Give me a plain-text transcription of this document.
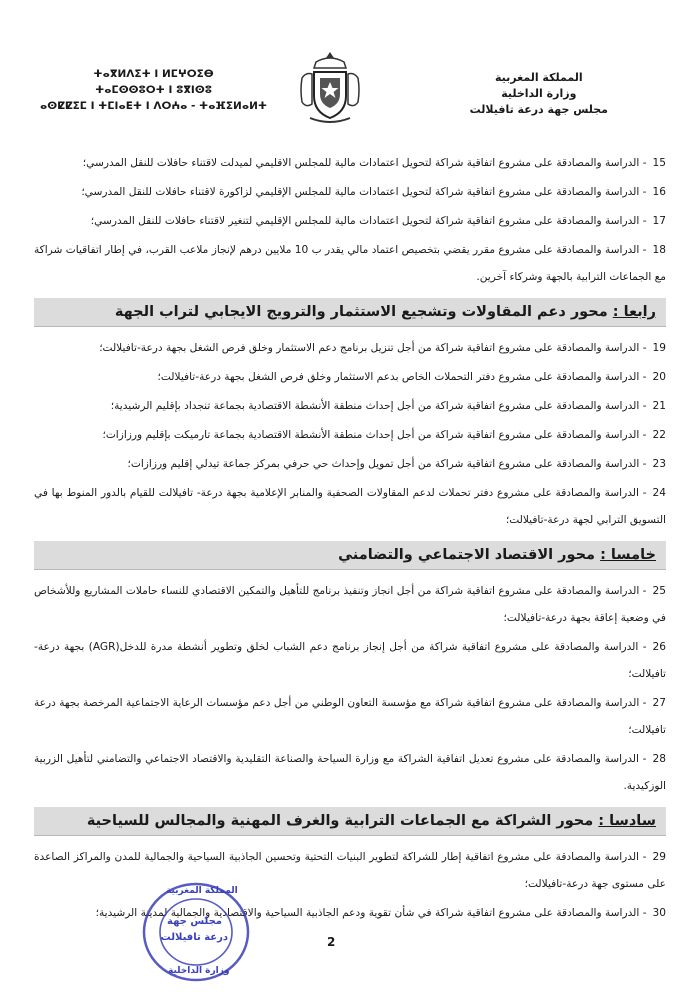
المملكة المغربية
وزارة الداخلية
مجلس جهة درعة تافيلالت
ⵜⴰⴳⵍⴷⵉⵜ ⵏ ⵍⵎⵖⵔⵉⴱ
ⵜⴰⵎⵙⵙⵓⵔⵜ ⵏ ⵓⴳⵏⵙⵓ
ⴰⵙⵇⵇⵉⵎ ⵏ ⵜⵎⵏⴰⴹⵜ ⵏ ⴷⵔⵄⴰ - ⵜⴰⴼⵉⵍⴰⵍⵜ
15- الدراسة والمصادقة على مشروع اتفاقية شراكة لتحويل اعتمادات مالية للمجلس الاقليمي لميدلت لاقتناء حافلات للنقل المدرسي؛
16- الدراسة والمصادقة على مشروع اتفاقية شراكة لتحويل اعتمادات مالية للمجلس الإقليمي لزاكورة لاقتناء حافلات للنقل المدرسي؛
17- الدراسة والمصادقة على مشروع اتفاقية شراكة لتحويل اعتمادات مالية للمجلس الإقليمي لتنغير لاقتناء حافلات للنقل المدرسي؛
18- الدراسة والمصادقة على مشروع مقرر يقضي بتخصيص اعتماد مالي يقدر ب 10 ملايين درهم لإنجاز ملاعب القرب، في إطار اتفاقيات شراكة مع الجماعات الترابية بالجهة وشركاء آخرين.
رابعا : محور دعم المقاولات وتشجيع الاستثمار والترويج الايجابي لتراب الجهة
19- الدراسة والمصادقة على مشروع اتفاقية شراكة من أجل تنزيل برنامج دعم الاستثمار وخلق فرص الشغل بجهة درعة-تافيلالت؛
20- الدراسة والمصادقة على مشروع دفتر التحملات الخاص بدعم الاستثمار وخلق فرص الشغل بجهة درعة-تافيلالت؛
21- الدراسة والمصادقة على مشروع اتفاقية شراكة من أجل إحداث منطقة الأنشطة الاقتصادية بجماعة تنجداد بإقليم الرشيدية؛
22- الدراسة والمصادقة على مشروع اتفاقية شراكة من أجل إحداث منطقة الأنشطة الاقتصادية بجماعة تارميكت بإقليم ورزازات؛
23- الدراسة والمصادقة على مشروع اتفاقية شراكة من أجل تمويل وإحداث حي حرفي بمركز جماعة تيدلي إقليم ورزازات؛
24- الدراسة والمصادقة على مشروع دفتر تحملات لدعم المقاولات الصحفية والمنابر الإعلامية بجهة درعة- تافيلالت للقيام بالدور المنوط بها في التسويق الترابي لجهة درعة-تافيلالت؛
خامسا : محور الاقتصاد الاجتماعي والتضامني
25- الدراسة والمصادقة على مشروع اتفاقية شراكة من أجل انجاز وتنفيذ برنامج للتأهيل والتمكين الاقتصادي للنساء حاملات المشاريع وللأشخاص في وضعية إعاقة بجهة درعة-تافيلالت؛
26- الدراسة والمصادقة على مشروع اتفاقية شراكة من أجل إنجاز برنامج دعم الشباب لخلق وتطوير أنشطة مدرة للدخل(AGR) بجهة درعة-تافيلالت؛
27- الدراسة والمصادقة على مشروع اتفاقية شراكة مع مؤسسة التعاون الوطني من أجل دعم مؤسسات الرعاية الاجتماعية المرخصة بجهة درعة تافيلالت؛
28- الدراسة والمصادقة على مشروع تعديل اتفاقية الشراكة مع وزارة السياحة والصناعة التقليدية والاقتصاد الاجتماعي والتضامني لتأهيل الزربية الوزكيدية.
سادسا : محور الشراكة مع الجماعات الترابية والغرف المهنية والمجالس للسياحية
29- الدراسة والمصادقة على مشروع اتفاقية إطار للشراكة لتطوير البنيات التحتية وتحسين الجاذبية السياحية والجمالية للمدن والمراكز الصاعدة على مستوى جهة درعة-تافيلالت؛
30- الدراسة والمصادقة على مشروع اتفاقية شراكة في شأن تقوية ودعم الجاذبية السياحية والاقتصادية والجمالية لمدينة الرشيدية؛
المملكة المغربية
مجلس جهة
درعة تافيلالت
وزارة الداخلية
2
